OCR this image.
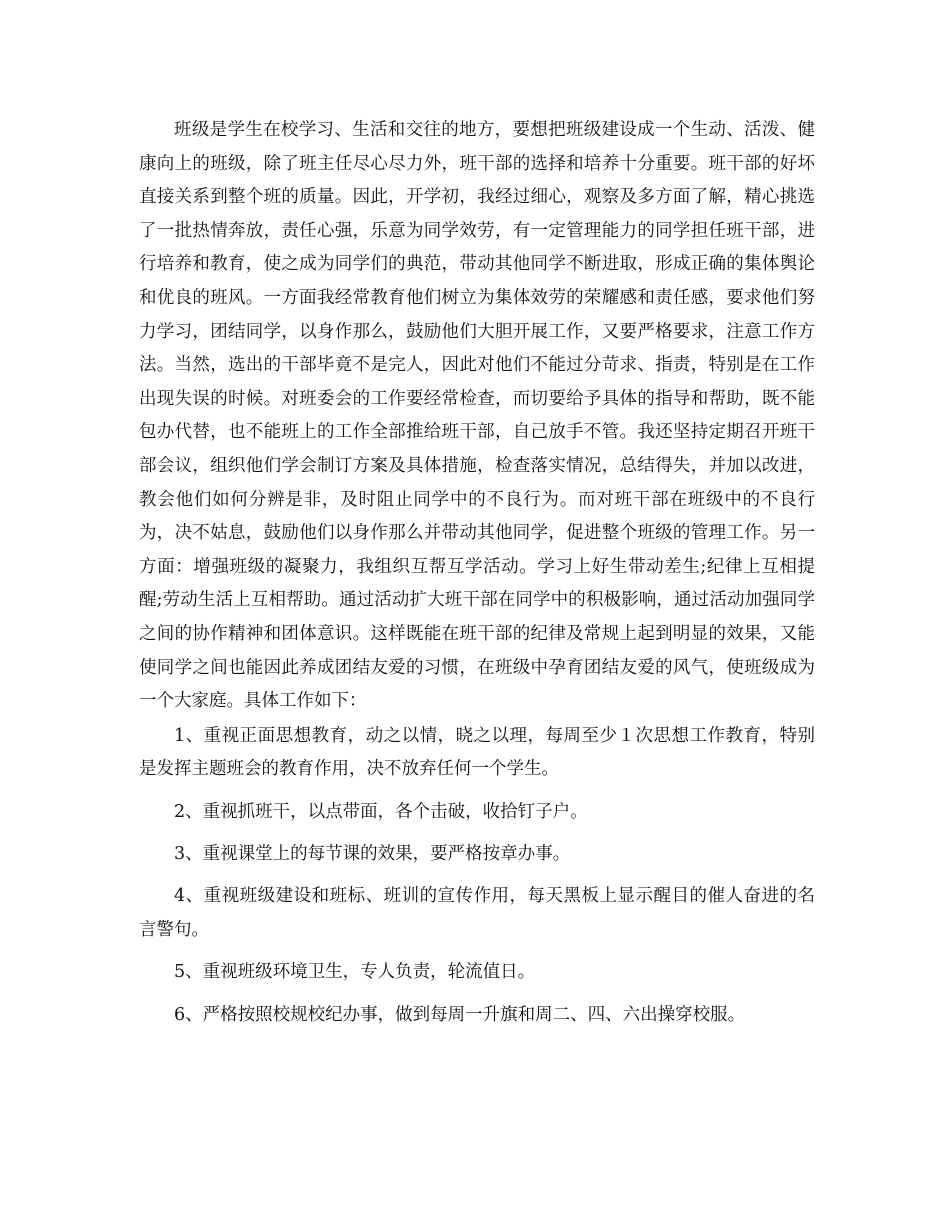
班级是学生在校学习、生活和交往的地方，要想把班级建设成一个生动、活泼、健康向上的班级，除了班主任尽心尽力外，班干部的选择和培养十分重要。班干部的好坏直接关系到整个班的质量。因此，开学初，我经过细心，观察及多方面了解，精心挑选了一批热情奔放，责任心强，乐意为同学效劳，有一定管理能力的同学担任班干部，进行培养和教育，使之成为同学们的典范，带动其他同学不断进取，形成正确的集体舆论和优良的班风。一方面我经常教育他们树立为集体效劳的荣耀感和责任感，要求他们努力学习，团结同学，以身作那么，鼓励他们大胆开展工作，又要严格要求，注意工作方法。当然，选出的干部毕竟不是完人，因此对他们不能过分苛求、指责，特别是在工作出现失误的时候。对班委会的工作要经常检查，而切要给予具体的指导和帮助，既不能包办代替，也不能班上的工作全部推给班干部，自己放手不管。我还坚持定期召开班干部会议，组织他们学会制订方案及具体措施，检查落实情况，总结得失，并加以改进，教会他们如何分辨是非，及时阻止同学中的不良行为。而对班干部在班级中的不良行为，决不姑息，鼓励他们以身作那么并带动其他同学，促进整个班级的管理工作。另一方面：增强班级的凝聚力，我组织互帮互学活动。学习上好生带动差生;纪律上互相提醒;劳动生活上互相帮助。通过活动扩大班干部在同学中的积极影响，通过活动加强同学之间的协作精神和团体意识。这样既能在班干部的纪律及常规上起到明显的效果，又能使同学之间也能因此养成团结友爱的习惯，在班级中孕育团结友爱的风气，使班级成为一个大家庭。具体工作如下：

1、重视正面思想教育，动之以情，晓之以理，每周至少１次思想工作教育，特别是发挥主题班会的教育作用，决不放弃任何一个学生。

2、重视抓班干，以点带面，各个击破，收拾钉子户。

3、重视课堂上的每节课的效果，要严格按章办事。

4、重视班级建设和班标、班训的宣传作用，每天黑板上显示醒目的催人奋进的名言警句。

5、重视班级环境卫生，专人负责，轮流值日。

6、严格按照校规校纪办事，做到每周一升旗和周二、四、六出操穿校服。
